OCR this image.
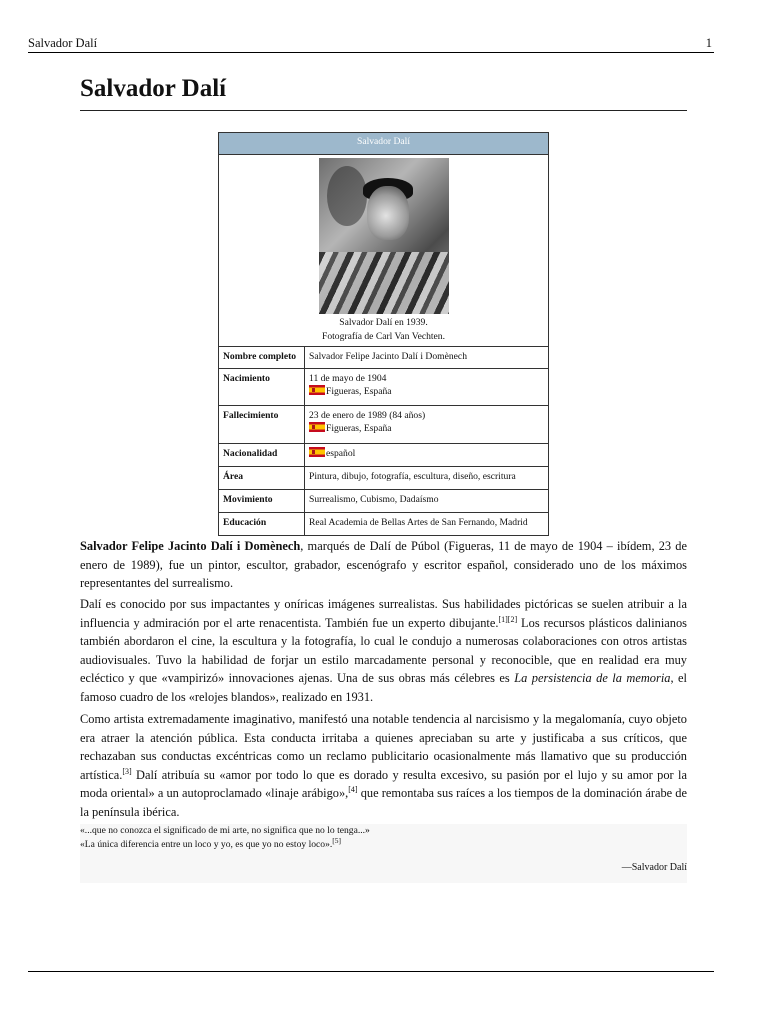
Salvador Dalí	1
Salvador Dalí
Salvador Dalí
Salvador Dalí en 1939.
Fotografía de Carl Van Vechten.
Nombre completo	Salvador Felipe Jacinto Dalí i Domènech
Nacimiento	11 de mayo de 1904
Figueras, España
Fallecimiento	23 de enero de 1989 (84 años)
Figueras, España
Nacionalidad	español
Área	Pintura, dibujo, fotografía, escultura, diseño, escritura
Movimiento	Surrealismo, Cubismo, Dadaísmo
Educación	Real Academia de Bellas Artes de San Fernando, Madrid

Salvador Felipe Jacinto Dalí i Domènech, marqués de Dalí de Púbol (Figueras, 11 de mayo de 1904 – ibídem, 23 de enero de 1989), fue un pintor, escultor, grabador, escenógrafo y escritor español, considerado uno de los máximos representantes del surrealismo.

Dalí es conocido por sus impactantes y oníricas imágenes surrealistas. Sus habilidades pictóricas se suelen atribuir a la influencia y admiración por el arte renacentista. También fue un experto dibujante.[1][2] Los recursos plásticos dalinianos también abordaron el cine, la escultura y la fotografía, lo cual le condujo a numerosas colaboraciones con otros artistas audiovisuales. Tuvo la habilidad de forjar un estilo marcadamente personal y reconocible, que en realidad era muy ecléctico y que «vampirizó» innovaciones ajenas. Una de sus obras más célebres es La persistencia de la memoria, el famoso cuadro de los «relojes blandos», realizado en 1931.

Como artista extremadamente imaginativo, manifestó una notable tendencia al narcisismo y la megalomanía, cuyo objeto era atraer la atención pública. Esta conducta irritaba a quienes apreciaban su arte y justificaba a sus críticos, que rechazaban sus conductas excéntricas como un reclamo publicitario ocasionalmente más llamativo que su producción artística.[3] Dalí atribuía su «amor por todo lo que es dorado y resulta excesivo, su pasión por el lujo y su amor por la moda oriental» a un autoproclamado «linaje arábigo»,[4] que remontaba sus raíces a los tiempos de la dominación árabe de la península ibérica.

«...que no conozca el significado de mi arte, no significa que no lo tenga...»
«La única diferencia entre un loco y yo, es que yo no estoy loco».[5]
—Salvador Dalí
